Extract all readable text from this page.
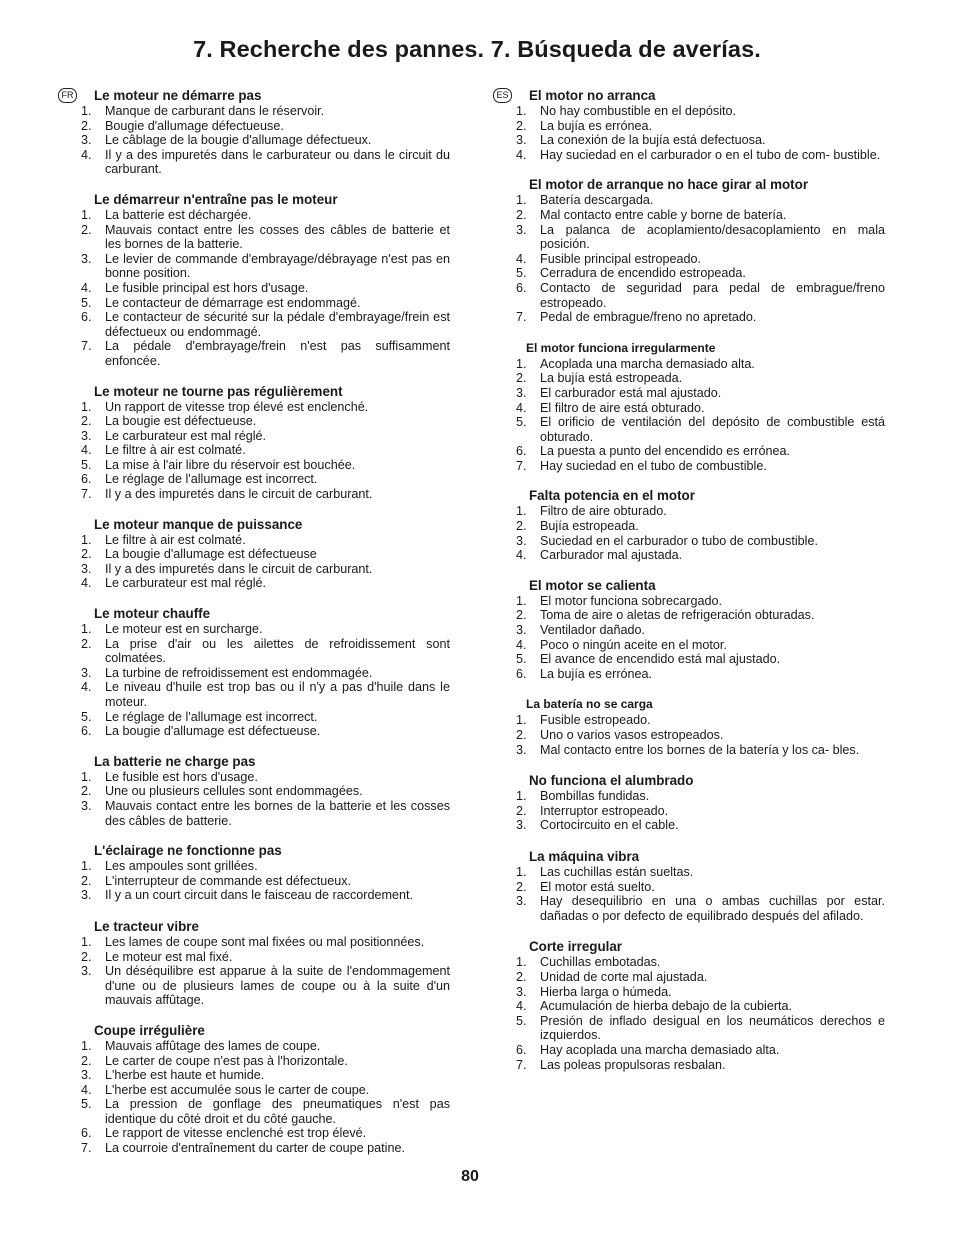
7. Recherche des pannes. 7. Búsqueda de averías.
FR	ES
Le moteur ne démarre pas
1. Manque de carburant dans le réservoir.
2. Bougie d'allumage défectueuse.
3. Le câblage de la bougie d'allumage défectueux.
4. Il y a des impuretés dans le carburateur ou dans le circuit du carburant.
Le démarreur n'entraîne pas le moteur
1. La batterie est déchargée.
2. Mauvais contact entre les cosses des câbles de batterie et les bornes de la batterie.
3. Le levier de commande d'embrayage/débrayage n'est pas en bonne position.
4. Le fusible principal est hors d'usage.
5. Le contacteur de démarrage est endommagé.
6. Le contacteur de sécurité sur la pédale d'embrayage/frein est défectueux ou endommagé.
7. La pédale d'embrayage/frein n'est pas suffisamment enfoncée.
Le moteur ne tourne pas régulièrement
1. Un rapport de vitesse trop élevé est enclenché.
2. La bougie est défectueuse.
3. Le carburateur est mal réglé.
4. Le filtre à air est colmaté.
5. La mise à l'air libre du réservoir est bouchée.
6. Le réglage de l'allumage est incorrect.
7. Il y a des impuretés dans le circuit de carburant.
Le moteur manque de puissance
1. Le filtre à air est colmaté.
2. La bougie d'allumage est défectueuse
3. Il y a des impuretés dans le circuit de carburant.
4. Le carburateur est mal réglé.
Le moteur chauffe
1. Le moteur est en surcharge.
2. La prise d'air ou les ailettes de refroidissement sont colmatées.
3. La turbine de refroidissement est endommagée.
4. Le niveau d'huile est trop bas ou il n'y a pas d'huile dans le moteur.
5. Le réglage de l'allumage est incorrect.
6. La bougie d'allumage est défectueuse.
La batterie ne charge pas
1. Le fusible est hors d'usage.
2. Une ou plusieurs cellules sont endommagées.
3. Mauvais contact entre les bornes de la batterie et les cosses des câbles de batterie.
L'éclairage ne fonctionne pas
1. Les ampoules sont grillées.
2. L'interrupteur de commande est défectueux.
3. Il y a un court circuit dans le faisceau de raccordement.
Le tracteur vibre
1. Les lames de coupe sont mal fixées ou mal positionnées.
2. Le moteur est mal fixé.
3. Un déséquilibre est apparue à la suite de l'endommagement d'une ou de plusieurs lames de coupe ou à la suite d'un mauvais affûtage.
Coupe irrégulière
1. Mauvais affûtage des lames de coupe.
2. Le carter de coupe n'est pas à l'horizontale.
3. L'herbe est haute et humide.
4. L'herbe est accumulée sous le carter de coupe.
5. La pression de gonflage des pneumatiques n'est pas identique du côté droit et du côté gauche.
6. Le rapport de vitesse enclenché est trop élevé.
7. La courroie d'entraînement du carter de coupe patine.
El motor no arranca
1. No hay combustible en el depósito.
2. La bujía es errónea.
3. La conexión de la bujía está defectuosa.
4. Hay suciedad en el carburador o en el tubo de com- bustible.
El motor de arranque no hace girar al motor
1. Batería descargada.
2. Mal contacto entre cable y borne de batería.
3. La palanca de acoplamiento/desacoplamiento en mala posición.
4. Fusible principal estropeado.
5. Cerradura de encendido estropeada.
6. Contacto de seguridad para pedal de embrague/freno estropeado.
7. Pedal de embrague/freno no apretado.
El motor funciona irregularmente
1. Acoplada una marcha demasiado alta.
2. La bujía está estropeada.
3. El carburador está mal ajustado.
4. El filtro de aire está obturado.
5. El orificio de ventilación del depósito de combustible está obturado.
6. La puesta a punto del encendido es errónea.
7. Hay suciedad en el tubo de combustible.
Falta potencia en el motor
1. Filtro de aire obturado.
2. Bujía estropeada.
3. Suciedad en el carburador o tubo de combustible.
4. Carburador mal ajustada.
El motor se calienta
1. El motor funciona sobrecargado.
2. Toma de aire o aletas de refrigeración obturadas.
3. Ventilador dañado.
4. Poco o ningún aceite en el motor.
5. El avance de encendido está mal ajustado.
6. La bujía es errónea.
La batería no se carga
1. Fusible estropeado.
2. Uno o varios vasos estropeados.
3. Mal contacto entre los bornes de la batería y los ca- bles.
No funciona el alumbrado
1. Bombillas fundidas.
2. Interruptor estropeado.
3. Cortocircuito en el cable.
La máquina vibra
1. Las cuchillas están sueltas.
2. El motor está suelto.
3. Hay desequilibrio en una o ambas cuchillas por estar. dañadas o por defecto de equilibrado después del afilado.
Corte irregular
1. Cuchillas embotadas.
2. Unidad de corte mal ajustada.
3. Hierba larga o húmeda.
4. Acumulación de hierba debajo de la cubierta.
5. Presión de inflado desigual en los neumáticos derechos e izquierdos.
6. Hay acoplada una marcha demasiado alta.
7. Las poleas propulsoras resbalan.
80
